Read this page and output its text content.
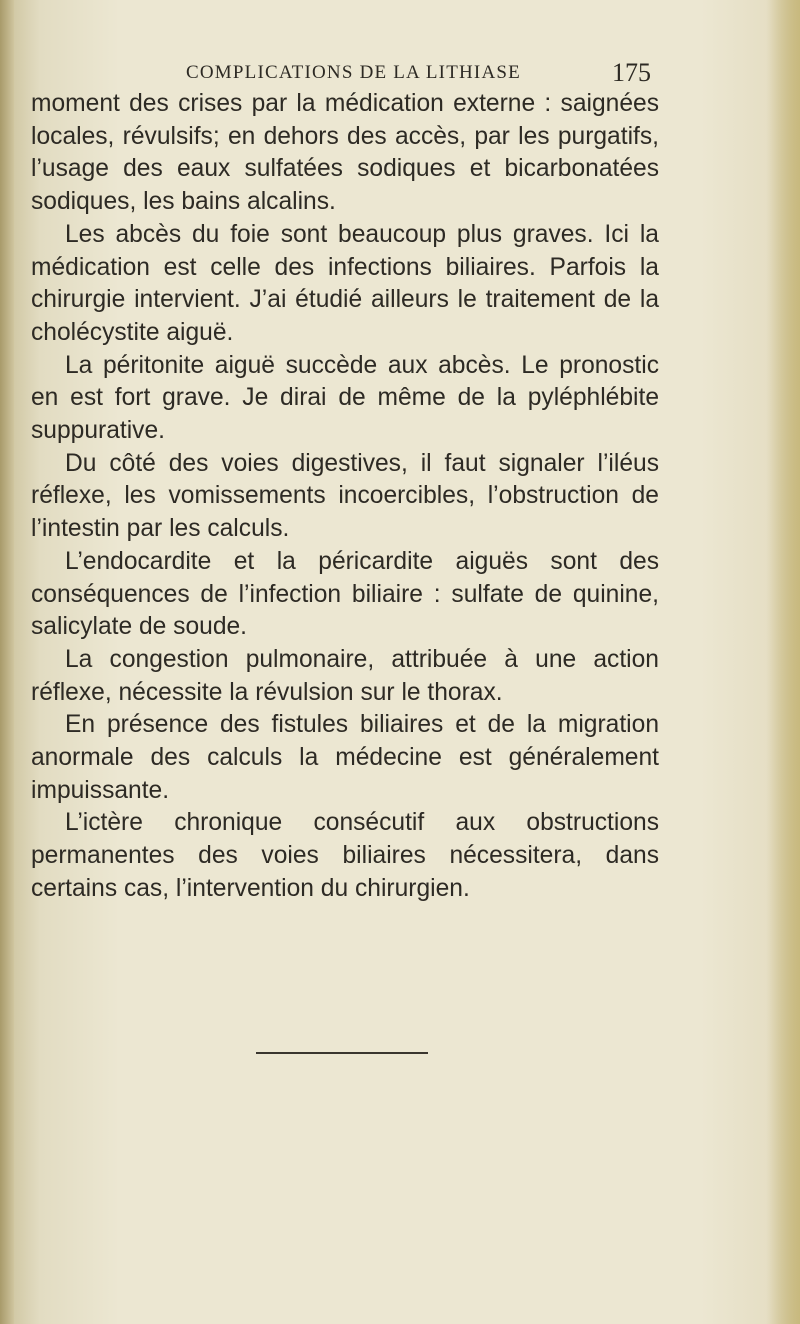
COMPLICATIONS DE LA LITHIASE	175
moment des crises par la médication externe : saignées locales, révulsifs; en dehors des accès, par les purgatifs, l’usage des eaux sulfatées sodiques et bicarbonatées sodiques, les bains alcalins.
Les abcès du foie sont beaucoup plus graves. Ici la médication est celle des infections biliaires. Parfois la chirurgie intervient. J’ai étudié ailleurs le traitement de la cholécystite aiguë.
La péritonite aiguë succède aux abcès. Le pronostic en est fort grave. Je dirai de même de la pyléphlébite suppurative.
Du côté des voies digestives, il faut signaler l’iléus réflexe, les vomissements incoercibles, l’obstruction de l’intestin par les calculs.
L’endocardite et la péricardite aiguës sont des conséquences de l’infection biliaire : sulfate de quinine, salicylate de soude.
La congestion pulmonaire, attribuée à une action réflexe, nécessite la révulsion sur le thorax.
En présence des fistules biliaires et de la migration anormale des calculs la médecine est généralement impuissante.
L’ictère chronique consécutif aux obstructions permanentes des voies biliaires nécessitera, dans certains cas, l’intervention du chirurgien.
